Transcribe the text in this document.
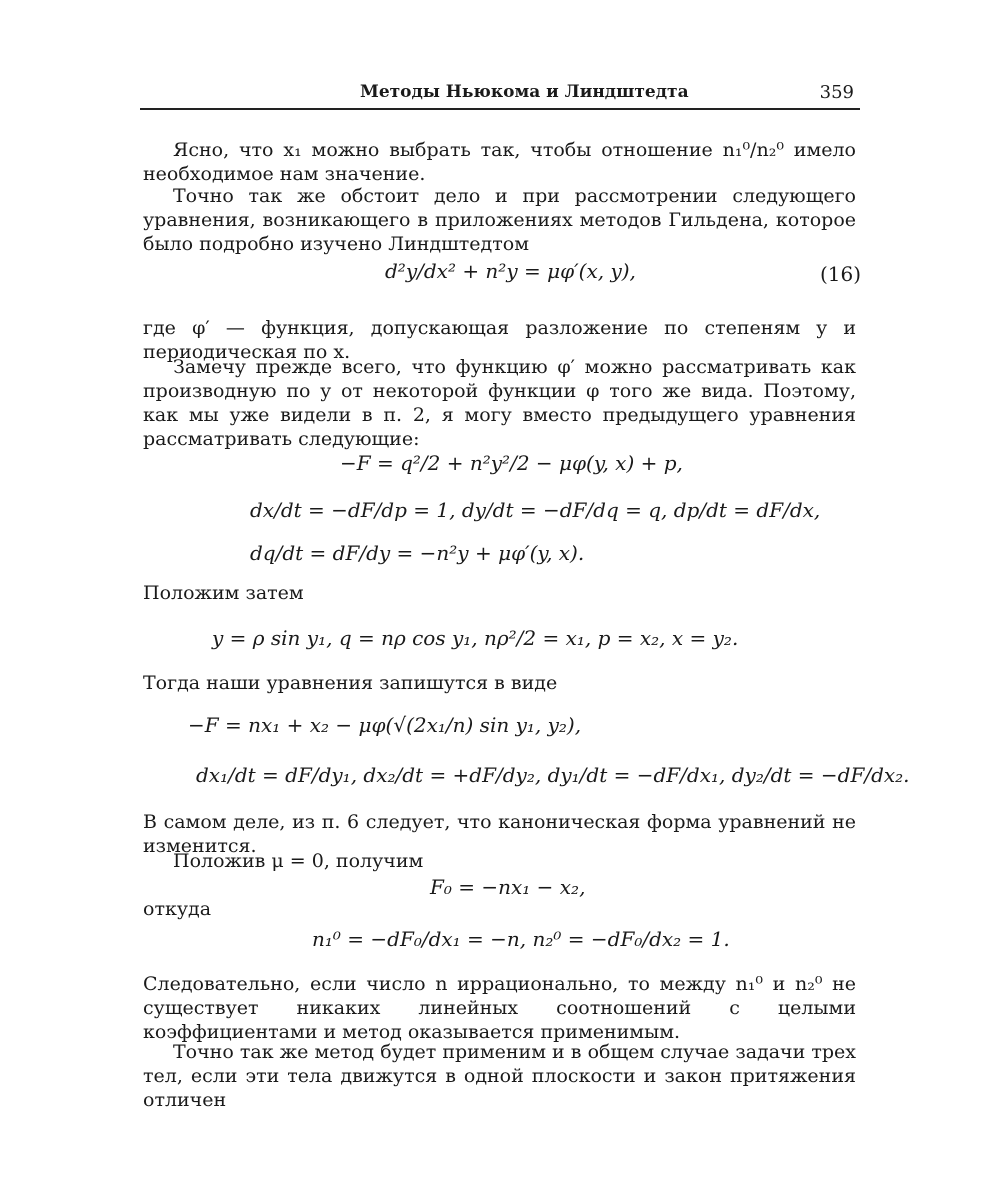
Методы Ньюкома и Линдштедта	359

Ясно, что x₁ можно выбрать так, чтобы отношение n₁⁰/n₂⁰ имело необходимое нам значение.

Точно так же обстоит дело и при рассмотрении следующего уравнения, возникающего в приложениях методов Гильдена, которое было подробно изучено Линдштедтом

d²y/dx² + n²y = μφ′(x, y),	(16)

где φ′ — функция, допускающая разложение по степеням y и периодическая по x.

Замечу прежде всего, что функцию φ′ можно рассматривать как производную по y от некоторой функции φ того же вида. Поэтому, как мы уже видели в п. 2, я могу вместо предыдущего уравнения рассматривать следующие:

−F = q²/2 + n²y²/2 − μφ(y, x) + p,
dx/dt = −dF/dp = 1, dy/dt = −dF/dq = q, dp/dt = dF/dx,
dq/dt = dF/dy = −n²y + μφ′(y, x).

Положим затем

y = ρ sin y₁, q = nρ cos y₁, nρ²/2 = x₁, p = x₂, x = y₂.

Тогда наши уравнения запишутся в виде

−F = nx₁ + x₂ − μφ(√(2x₁/n) sin y₁, y₂),
dx₁/dt = dF/dy₁, dx₂/dt = +dF/dy₂, dy₁/dt = −dF/dx₁, dy₂/dt = −dF/dx₂.

В самом деле, из п. 6 следует, что каноническая форма уравнений не изменится.

Положив μ = 0, получим

F₀ = −nx₁ − x₂,

откуда

n₁⁰ = −dF₀/dx₁ = −n, n₂⁰ = −dF₀/dx₂ = 1.

Следовательно, если число n иррационально, то между n₁⁰ и n₂⁰ не существует никаких линейных соотношений с целыми коэффициентами и метод оказывается применимым.

Точно так же метод будет применим и в общем случае задачи трех тел, если эти тела движутся в одной плоскости и закон притяжения отличен
